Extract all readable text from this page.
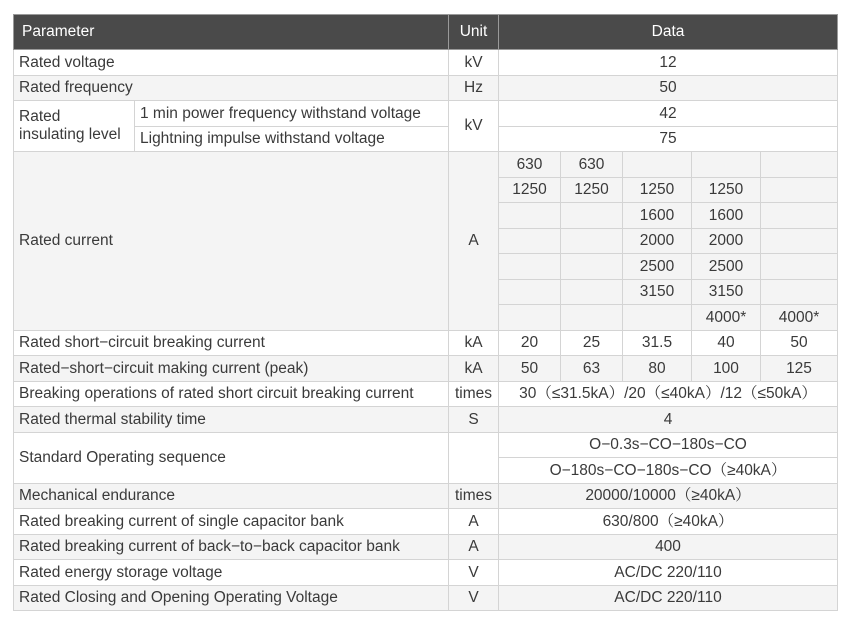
Parameter		Unit	Data				
Rated voltage		kV	12				
Rated frequency		Hz	50				
Rated insulating level	1 min power frequency withstand voltage	kV	42				
	Lightning impulse withstand voltage		75				
Rated current		A	630	630			
			1250	1250	1250	1250	
					1600	1600	
					2000	2000	
					2500	2500	
					3150	3150	
						4000*	4000*
Rated short−circuit breaking current		kA	20	25	31.5	40	50
Rated−short−circuit making current (peak)		kA	50	63	80	100	125
Breaking operations of rated short circuit breaking current		times	30（≤31.5kA）/20（≤40kA）/12（≤50kA）				
Rated thermal stability time		S	4				
Standard Operating sequence			O−0.3s−CO−180s−CO				
			O−180s−CO−180s−CO（≥40kA）				
Mechanical endurance		times	20000/10000（≥40kA）				
Rated breaking current of single capacitor bank		A	630/800（≥40kA）				
Rated breaking current of back−to−back capacitor bank		A	400				
Rated energy storage voltage		V	AC/DC 220/110				
Rated Closing and Opening Operating Voltage		V	AC/DC 220/110				
